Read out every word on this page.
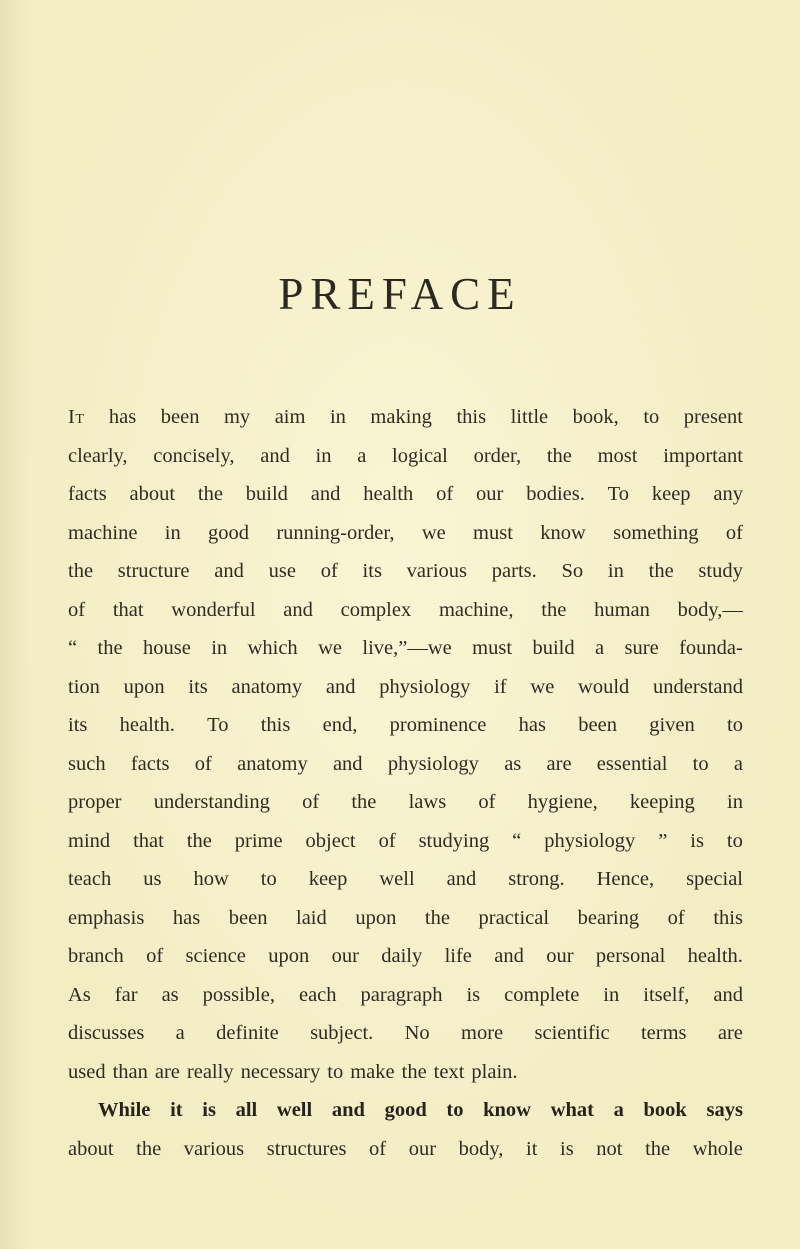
PREFACE
It has been my aim in making this little book, to present
clearly, concisely, and in a logical order, the most important
facts about the build and health of our bodies. To keep any
machine in good running-order, we must know something of
the structure and use of its various parts. So in the study
of that wonderful and complex machine, the human body,—
“ the house in which we live,”—we must build a sure founda-
tion upon its anatomy and physiology if we would understand
its health. To this end, prominence has been given to
such facts of anatomy and physiology as are essential to a
proper understanding of the laws of hygiene, keeping in
mind that the prime object of studying “ physiology ” is to
teach us how to keep well and strong. Hence, special
emphasis has been laid upon the practical bearing of this
branch of science upon our daily life and our personal health.
As far as possible, each paragraph is complete in itself, and
discusses a definite subject. No more scientific terms are
used than are really necessary to make the text plain.
While it is all well and good to know what a book says
about the various structures of our body, it is not the whole
